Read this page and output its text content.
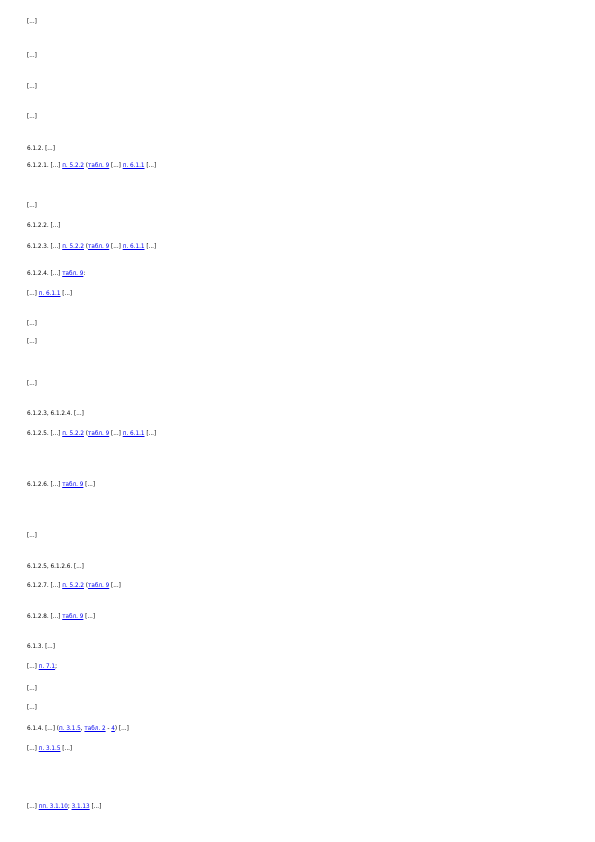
[...]

[...]

[...]

[...]

6.1.2. [...]

6.1.2.1. [...] п. 5.2.2 (табл. 9 [...] п. 6.1.1 [...]

[...]

6.1.2.2. [...]

6.1.2.3. [...] п. 5.2.2 (табл. 9 [...] п. 6.1.1 [...]

6.1.2.4. [...] табл. 9:

[...] п. 6.1.1 [...]

[...]

[...]

[...]

6.1.2.3, 6.1.2.4. [...]

6.1.2.5. [...] п. 5.2.2 (табл. 9 [...] п. 6.1.1 [...]

6.1.2.6. [...] табл. 9 [...]

[...]

6.1.2.5, 6.1.2.6. [...]

6.1.2.7. [...] п. 5.2.2 (табл. 9 [...]

6.1.2.8. [...] табл. 9 [...]

6.1.3. [...]

[...] п. 7.1;

[...]

[...]

6.1.4. [...] (п. 3.1.5, табл. 2 - 4) [...]

[...] п. 3.1.5 [...]

[...] пп. 3.1.10; 3.1.13 [...]
